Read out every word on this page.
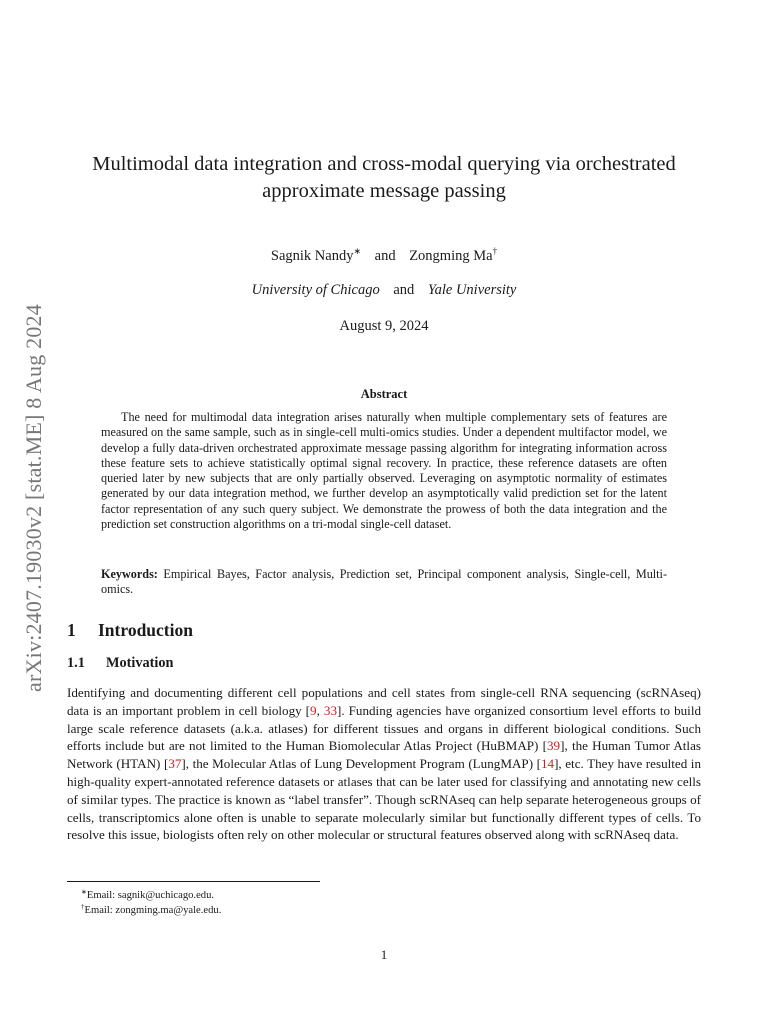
arXiv:2407.19030v2 [stat.ME] 8 Aug 2024
Multimodal data integration and cross-modal querying via orchestrated approximate message passing
Sagnik Nandy∗ and Zongming Ma†
University of Chicago and Yale University
August 9, 2024
Abstract
The need for multimodal data integration arises naturally when multiple complementary sets of features are measured on the same sample, such as in single-cell multi-omics studies. Under a dependent multifactor model, we develop a fully data-driven orchestrated approximate message passing algorithm for integrating information across these feature sets to achieve statistically optimal signal recovery. In practice, these reference datasets are often queried later by new subjects that are only partially observed. Leveraging on asymptotic normality of estimates generated by our data integration method, we further develop an asymptotically valid prediction set for the latent factor representation of any such query subject. We demonstrate the prowess of both the data integration and the prediction set construction algorithms on a tri-modal single-cell dataset.
Keywords: Empirical Bayes, Factor analysis, Prediction set, Principal component analysis, Single-cell, Multi-omics.
1 Introduction
1.1 Motivation
Identifying and documenting different cell populations and cell states from single-cell RNA sequencing (scRNAseq) data is an important problem in cell biology [9, 33]. Funding agencies have organized consortium level efforts to build large scale reference datasets (a.k.a. atlases) for different tissues and organs in different biological conditions. Such efforts include but are not limited to the Human Biomolecular Atlas Project (HuBMAP) [39], the Human Tumor Atlas Network (HTAN) [37], the Molecular Atlas of Lung Development Program (LungMAP) [14], etc. They have resulted in high-quality expert-annotated reference datasets or atlases that can be later used for classifying and annotating new cells of similar types. The practice is known as “label transfer”. Though scRNAseq can help separate heterogeneous groups of cells, transcriptomics alone often is unable to separate molecularly similar but functionally different types of cells. To resolve this issue, biologists often rely on other molecular or structural features observed along with scRNAseq data.
∗Email: sagnik@uchicago.edu.
†Email: zongming.ma@yale.edu.
1
